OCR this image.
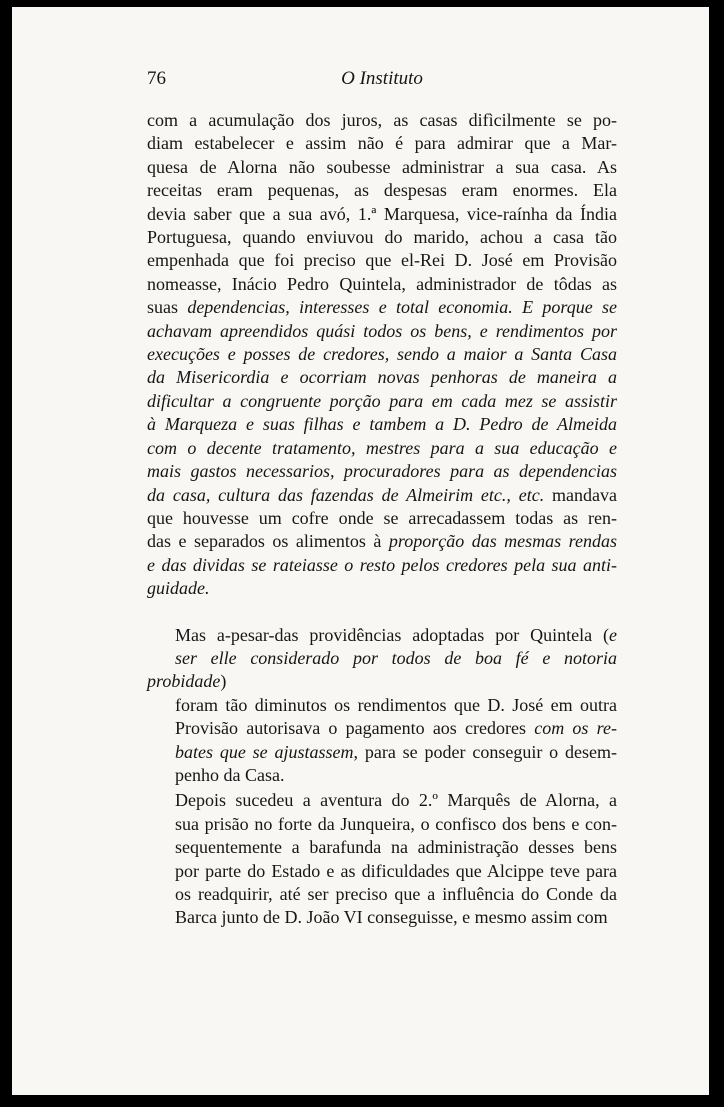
76	O Instituto

com a acumulação dos juros, as casas difìcilmente se po-
diam estabelecer e assim não é para admirar que a Mar-
quesa de Alorna não soubesse administrar a sua casa. As
receitas eram pequenas, as despesas eram enormes. Ela
devia saber que a sua avó, 1.ª Marquesa, vice-raínha da Índia
Portuguesa, quando enviuvou do marido, achou a casa tão
empenhada que foi preciso que el-Rei D. José em Provisão
nomeasse, Inácio Pedro Quintela, administrador de tôdas as
suas dependencias, interesses e total economia. E porque se
achavam apreendidos quási todos os bens, e rendimentos por
execuções e posses de credores, sendo a maior a Santa Casa
da Misericordia e ocorriam novas penhoras de maneira a
dificultar a congruente porção para em cada mez se assistir
à Marqueza e suas filhas e tambem a D. Pedro de Almeida
com o decente tratamento, mestres para a sua educação e
mais gastos necessarios, procuradores para as dependencias
da casa, cultura das fazendas de Almeirim etc., etc. mandava
que houvesse um cofre onde se arrecadassem todas as ren-
das e separados os alimentos à proporção das mesmas rendas
e das dividas se rateiasse o resto pelos credores pela sua anti-
guidade.

Mas a-pesar-das providências adoptadas por Quintela (e
ser elle considerado por todos de boa fé e notoria probidade)
foram tão diminutos os rendimentos que D. José em outra
Provisão autorisava o pagamento aos credores com os re-
bates que se ajustassem, para se poder conseguir o desem-
penho da Casa.

Depois sucedeu a aventura do 2.º Marquês de Alorna, a
sua prisão no forte da Junqueira, o confisco dos bens e con-
sequentemente a barafunda na administração desses bens
por parte do Estado e as dificuldades que Alcippe teve para
os readquirir, até ser preciso que a influência do Conde da
Barca junto de D. João VI conseguisse, e mesmo assim com
